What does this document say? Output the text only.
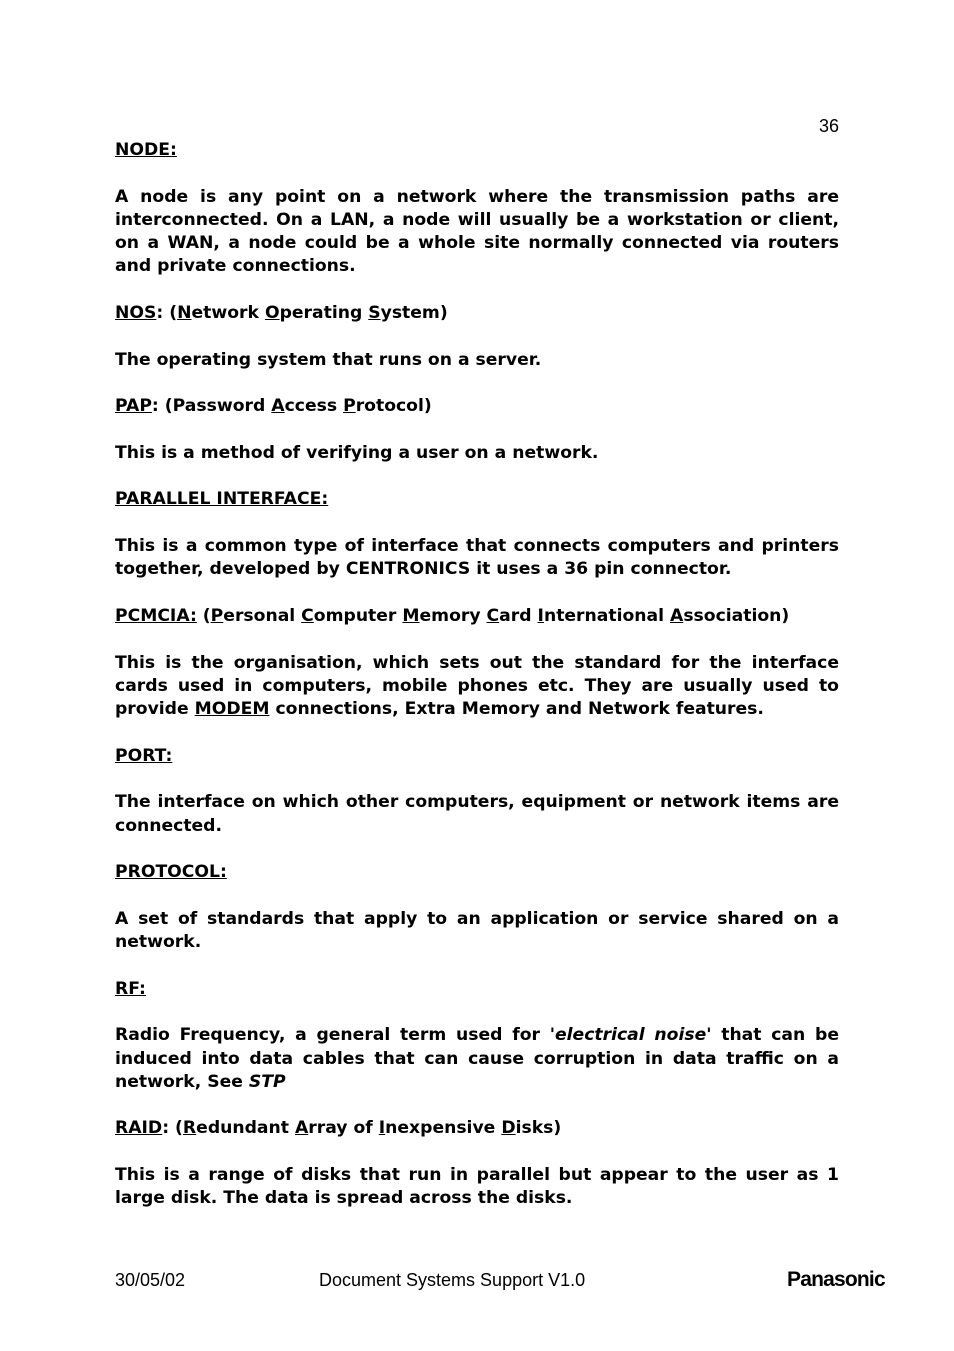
36

NODE:

A node is any point on a network where the transmission paths are interconnected. On a LAN, a node will usually be a workstation or client, on a WAN, a node could be a whole site normally connected via routers and private connections.

NOS: (Network Operating System)

The operating system that runs on a server.

PAP: (Password Access Protocol)

This is a method of verifying a user on a network.

PARALLEL INTERFACE:

This is a common type of interface that connects computers and printers together, developed by CENTRONICS it uses a 36 pin connector.

PCMCIA: (Personal Computer Memory Card International Association)

This is the organisation, which sets out the standard for the interface cards used in computers, mobile phones etc. They are usually used to provide MODEM connections, Extra Memory and Network features.

PORT:

The interface on which other computers, equipment or network items are connected.

PROTOCOL:

A set of standards that apply to an application or service shared on a network.

RF:

Radio Frequency, a general term used for 'electrical noise' that can be induced into data cables that can cause corruption in data traffic on a network, See STP

RAID: (Redundant Array of Inexpensive Disks)

This is a range of disks that run in parallel but appear to the user as 1 large disk. The data is spread across the disks.

30/05/02	Document Systems Support V1.0	Panasonic
